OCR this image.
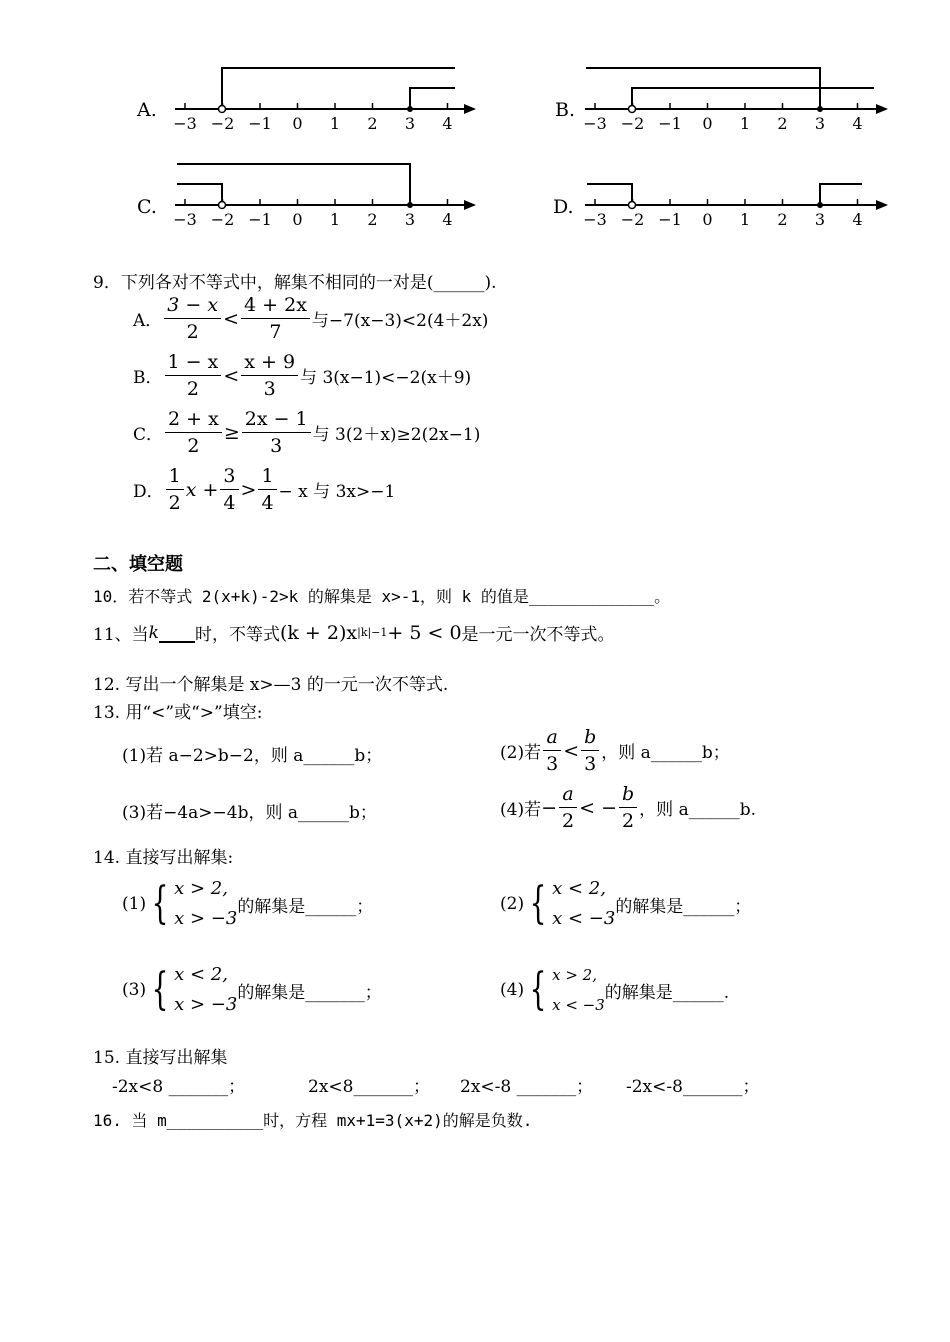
A.
−3 −2 −1 0 1 2 3 4
B.
−3 −2 −1 0 1 2 3 4
C.
−3 −2 −1 0 1 2 3 4
D.
−3 −2 −1 0 1 2 3 4
9．下列各对不等式中，解集不相同的一对是(______).
A． $\frac{3 - x}{2} < \frac{4 + 2x}{7}$ 与−7(x−3)<2(4＋2x)
B． $\frac{1 - x}{2} < \frac{x + 9}{3}$ 与 3(x−1)<−2(x＋9)
C． $\frac{2 + x}{2} \ge \frac{2x - 1}{3}$ 与 3(2＋x)≥2(2x−1)
D． $\frac{1}{2}$ $x + \frac{3}{4} > \frac{1}{4} - x$ 与 3x>−1
二、填空题
10．若不等式 2(x+k)-2>k 的解集是 x>-1，则 k 的值是_____________。
11、当 k 时，不等式 (k + 2)x |k|−1 + 5 < 0 是一元一次不等式。
12. 写出一个解集是 x>—3 的一元一次不等式.
13. 用“<”或“>”填空:
(1)若 a−2>b−2，则 a______b；	(2)若 $\frac{a}{3} < \frac{b}{3}$ ，则 a______b；
(3)若−4a>−4b，则 a______b；	(4)若 − $\frac{a}{2}$ < − $\frac{b}{2}$ ，则 a______b.
14. 直接写出解集:
(1) { x > 2,
x > −3
的解集是______；	(2) { x < 2,
x < −3
的解集是______；
(3) { x < 2,
x > −3
的解集是_______；	(4) { x > 2,
x < −3
的解集是______.
15. 直接写出解集
-2x<8 _______；	2x<8_______； 2x<-8 _______； -2x<-8_______；
16. 当 m__________时，方程 mx+1=3(x+2)的解是负数.
